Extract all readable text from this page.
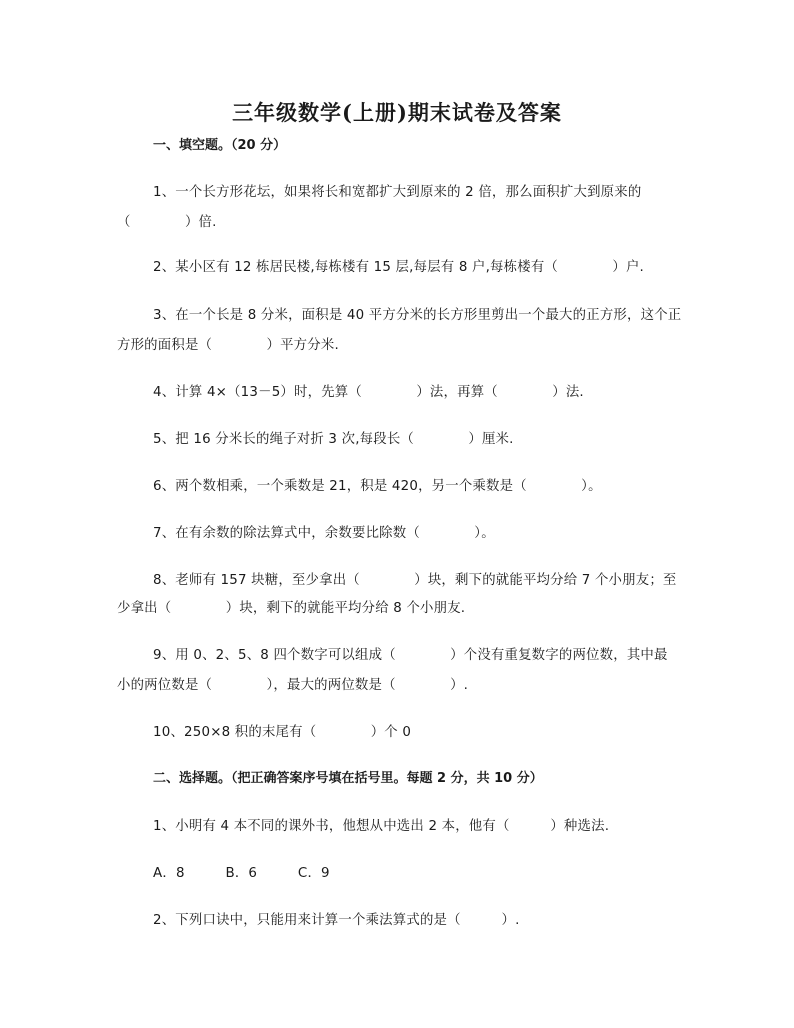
三年级数学(上册)期末试卷及答案
一、填空题。（20 分）
1、一个长方形花坛，如果将长和宽都扩大到原来的 2 倍，那么面积扩大到原来的
（　　　　）倍.
2、某小区有 12 栋居民楼,每栋楼有 15 层,每层有 8 户,每栋楼有（　　　　）户.
3、在一个长是 8 分米，面积是 40 平方分米的长方形里剪出一个最大的正方形，这个正
方形的面积是（　　　　）平方分米.
4、计算 4×（13－5）时，先算（　　　　）法，再算（　　　　）法.
5、把 16 分米长的绳子对折 3 次,每段长（　　　　）厘米.
6、两个数相乘，一个乘数是 21，积是 420，另一个乘数是（　　　　）。
7、在有余数的除法算式中，余数要比除数（　　　　）。
8、老师有 157 块糖，至少拿出（　　　　）块，剩下的就能平均分给 7 个小朋友；至
少拿出（　　　　）块，剩下的就能平均分给 8 个小朋友.
9、用 0、2、5、8 四个数字可以组成（　　　　）个没有重复数字的两位数，其中最
小的两位数是（　　　　），最大的两位数是（　　　　）.
10、250×8 积的末尾有（　　　　）个 0
二、选择题。（把正确答案序号填在括号里。每题 2 分，共 10 分）
1、小明有 4 本不同的课外书，他想从中选出 2 本，他有（　　　）种选法.
A．8　　　B．6　　　C．9
2、下列口诀中，只能用来计算一个乘法算式的是（　　　）.
